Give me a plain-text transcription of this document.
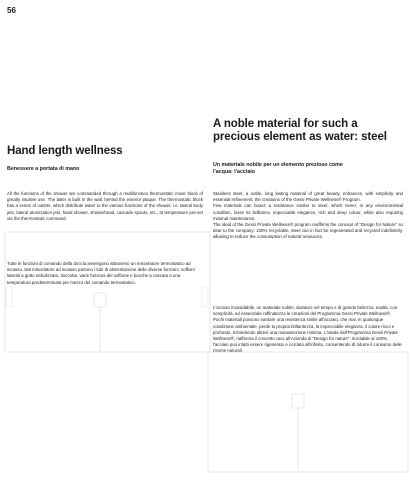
56
Hand length wellness
Benessere a portata di mano
A noble material for such a precious element as water: steel
Un materiale nobile per un elemento prezioso come
l'acqua: l'acciaio

All the functions of the shower are commanded through a multifunction thermostatic mixer block of greatly intuitive use. The latter is built in the wall, behind the exterior plaque. The thermostatic block has a series of outlets, which distribute water to the various functions of the shower, i.e. lateral body jets, lateral atomization jets, hand shower, showerhead, cascade spouts, etc., at temperature pre-set via the thermostatic command.

Tutte le funzioni di comando della doccia avvengono attraverso un miscelatore termostatico ad incasso. Dal miscelatore ad incasso partono i tubi di alimentazione delle diverse funzioni: soffioni laterali a getto nebulizzato, doccetta, varie funzioni del soffione e bocche a cascata a una temperatura predeterminata per mezzo del comando termostatico.

Stainless steel, a noble, long lasting material of great beauty, enhances, with simplicity and essential refinement, the creations of the Gessi Private Wellness® Program.

Few materials can boast: a resistance similar to steel, which never, in any environmental condition, loses its brilliance, impeccable elegance, rich and deep colour, while also requiring minimal maintenance.

The ideal of the Gessi Private Wellness® program reaffirms the concept of "Design for Nature" so dear to the company: 100% recyclable, steel can in fact be regenerated and recycled indefinitely, allowing to reduce the consumption of natural resources.

L'acciaio inossidabile, un materiale nobile, duraturo nel tempo e di grande bellezza, esalta, con semplicità, ed essenziale raffinatezza le creazioni del Programma Gessi Private Wellness®. Pochi materiali possono vantare una resistenza simile all'acciaio, che mai, in qualunque condizione ambientale, perde la propria brillantezza, la impeccabile eleganza, il colore ricco e profondo, richiedendo altresì una manutenzione minima. L'ideale dell'Programma Gessi Private Wellness®, riafferma il concetto caro all'Azienda di "Design for nature": riciclabile al 100%, l'acciaio può infatti essere rigenerato e riciclato all'infinito, consentendo di ridurre il consumo delle risorse naturali.
